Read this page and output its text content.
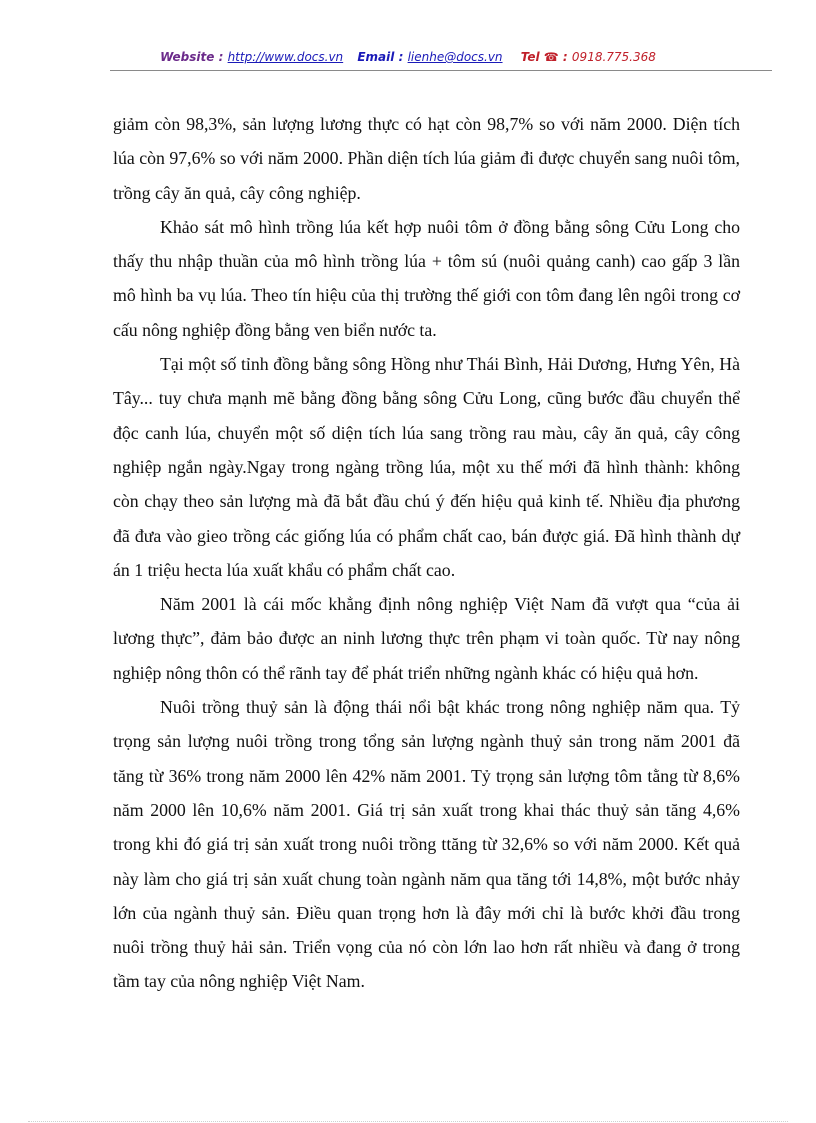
Website : http://www.docs.vn Email : lienhe@docs.vn Tel ☎ : 0918.775.368

giảm còn 98,3%, sản lượng lương thực có hạt còn 98,7% so với năm 2000. Diện tích lúa còn 97,6% so với năm 2000. Phần diện tích lúa giảm đi được chuyển sang nuôi tôm, trồng cây ăn quả, cây công nghiệp.

Khảo sát mô hình trồng lúa kết hợp nuôi tôm ở đồng bằng sông Cửu Long cho thấy thu nhập thuần của mô hình trồng lúa + tôm sú (nuôi quảng canh) cao gấp 3 lần mô hình ba vụ lúa. Theo tín hiệu của thị trường thế giới con tôm đang lên ngôi trong cơ cấu nông nghiệp đồng bằng ven biển nước ta.

Tại một số tỉnh đồng bằng sông Hồng như Thái Bình, Hải Dương, Hưng Yên, Hà Tây... tuy chưa mạnh mẽ bằng đồng bằng sông Cửu Long, cũng bước đầu chuyển thể độc canh lúa, chuyển một số diện tích lúa sang trồng rau màu, cây ăn quả, cây công nghiệp ngắn ngày.Ngay trong ngàng trồng lúa, một xu thế mới đã hình thành: không còn chạy theo sản lượng mà đã bắt đầu chú ý đến hiệu quả kinh tế. Nhiều địa phương đã đưa vào gieo trồng các giống lúa có phẩm chất cao, bán được giá. Đã hình thành dự án 1 triệu hecta lúa xuất khẩu có phẩm chất cao.

Năm 2001 là cái mốc khẳng định nông nghiệp Việt Nam đã vượt qua “của ải lương thực”, đảm bảo được an ninh lương thực trên phạm vi toàn quốc. Từ nay nông nghiệp nông thôn có thể rãnh tay để phát triển những ngành khác có hiệu quả hơn.

Nuôi trồng thuỷ sản là động thái nổi bật khác trong nông nghiệp năm qua. Tỷ trọng sản lượng nuôi trồng trong tổng sản lượng ngành thuỷ sản trong năm 2001 đã tăng từ 36% trong năm 2000 lên 42% năm 2001. Tỷ trọng sản lượng tôm tằng từ 8,6% năm 2000 lên 10,6% năm 2001. Giá trị sản xuất trong khai thác thuỷ sản tăng 4,6% trong khi đó giá trị sản xuất trong nuôi trồng ttăng từ 32,6% so với năm 2000. Kết quả này làm cho giá trị sản xuất chung toàn ngành năm qua tăng tới 14,8%, một bước nhảy lớn của ngành thuỷ sản. Điều quan trọng hơn là đây mới chỉ là bước khởi đầu trong nuôi trồng thuỷ hải sản. Triển vọng của nó còn lớn lao hơn rất nhiều và đang ở trong tầm tay của nông nghiệp Việt Nam.
